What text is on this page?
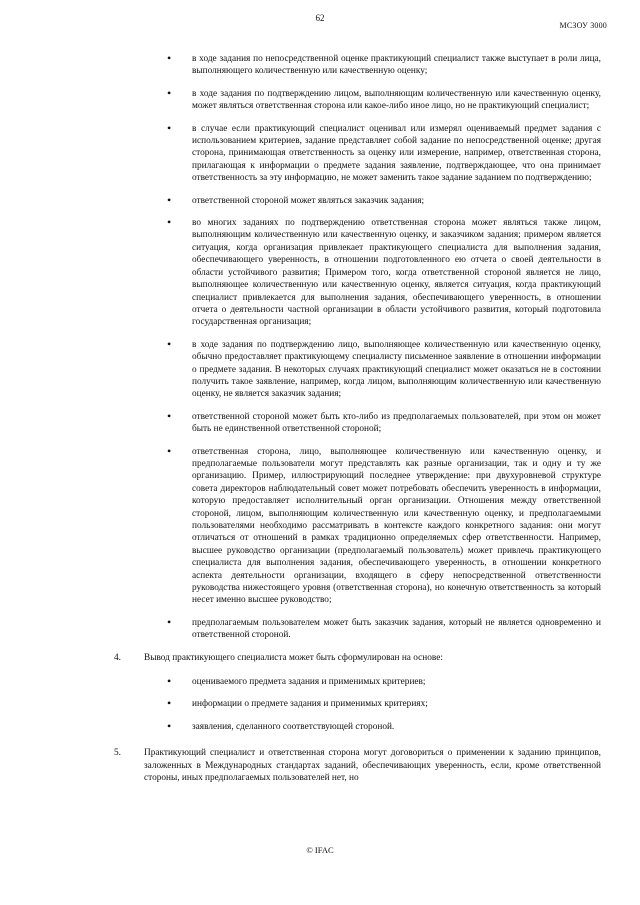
62
МСЗОУ 3000
• в ходе задания по непосредственной оценке практикующий специалист также выступает в роли лица, выполняющего количественную или качественную оценку;
• в ходе задания по подтверждению лицом, выполняющим количественную или качественную оценку, может являться ответственная сторона или какое-либо иное лицо, но не практикующий специалист;
• в случае если практикующий специалист оценивал или измерял оцениваемый предмет задания с использованием критериев, задание представляет собой задание по непосредственной оценке; другая сторона, принимающая ответственность за оценку или измерение, например, ответственная сторона, прилагающая к информации о предмете задания заявление, подтверждающее, что она принимает ответственность за эту информацию, не может заменить такое задание заданием по подтверждению;
• ответственной стороной может являться заказчик задания;
• во многих заданиях по подтверждению ответственная сторона может являться также лицом, выполняющим количественную или качественную оценку, и заказчиком задания; примером является ситуация, когда организация привлекает практикующего специалиста для выполнения задания, обеспечивающего уверенность, в отношении подготовленного ею отчета о своей деятельности в области устойчивого развития; Примером того, когда ответственной стороной является не лицо, выполняющее количественную или качественную оценку, является ситуация, когда практикующий специалист привлекается для выполнения задания, обеспечивающего уверенность, в отношении отчета о деятельности частной организации в области устойчивого развития, который подготовила государственная организация;
• в ходе задания по подтверждению лицо, выполняющее количественную или качественную оценку, обычно предоставляет практикующему специалисту письменное заявление в отношении информации о предмете задания. В некоторых случаях практикующий специалист может оказаться не в состоянии получить такое заявление, например, когда лицом, выполняющим количественную или качественную оценку, не является заказчик задания;
• ответственной стороной может быть кто-либо из предполагаемых пользователей, при этом он может быть не единственной ответственной стороной;
• ответственная сторона, лицо, выполняющее количественную или качественную оценку, и предполагаемые пользователи могут представлять как разные организации, так и одну и ту же организацию. Пример, иллюстрирующий последнее утверждение: при двухуровневой структуре совета директоров наблюдательный совет может потребовать обеспечить уверенность в информации, которую предоставляет исполнительный орган организации. Отношения между ответственной стороной, лицом, выполняющим количественную или качественную оценку, и предполагаемыми пользователями необходимо рассматривать в контексте каждого конкретного задания: они могут отличаться от отношений в рамках традиционно определяемых сфер ответственности. Например, высшее руководство организации (предполагаемый пользователь) может привлечь практикующего специалиста для выполнения задания, обеспечивающего уверенность, в отношении конкретного аспекта деятельности организации, входящего в сферу непосредственной ответственности руководства нижестоящего уровня (ответственная сторона), но конечную ответственность за который несет именно высшее руководство;
• предполагаемым пользователем может быть заказчик задания, который не является одновременно и ответственной стороной.
4. Вывод практикующего специалиста может быть сформулирован на основе:
• оцениваемого предмета задания и применимых критериев;
• информации о предмете задания и применимых критериях;
• заявления, сделанного соответствующей стороной.
5. Практикующий специалист и ответственная сторона могут договориться о применении к заданию принципов, заложенных в Международных стандартах заданий, обеспечивающих уверенность, если, кроме ответственной стороны, иных предполагаемых пользователей нет, но
© IFAC
